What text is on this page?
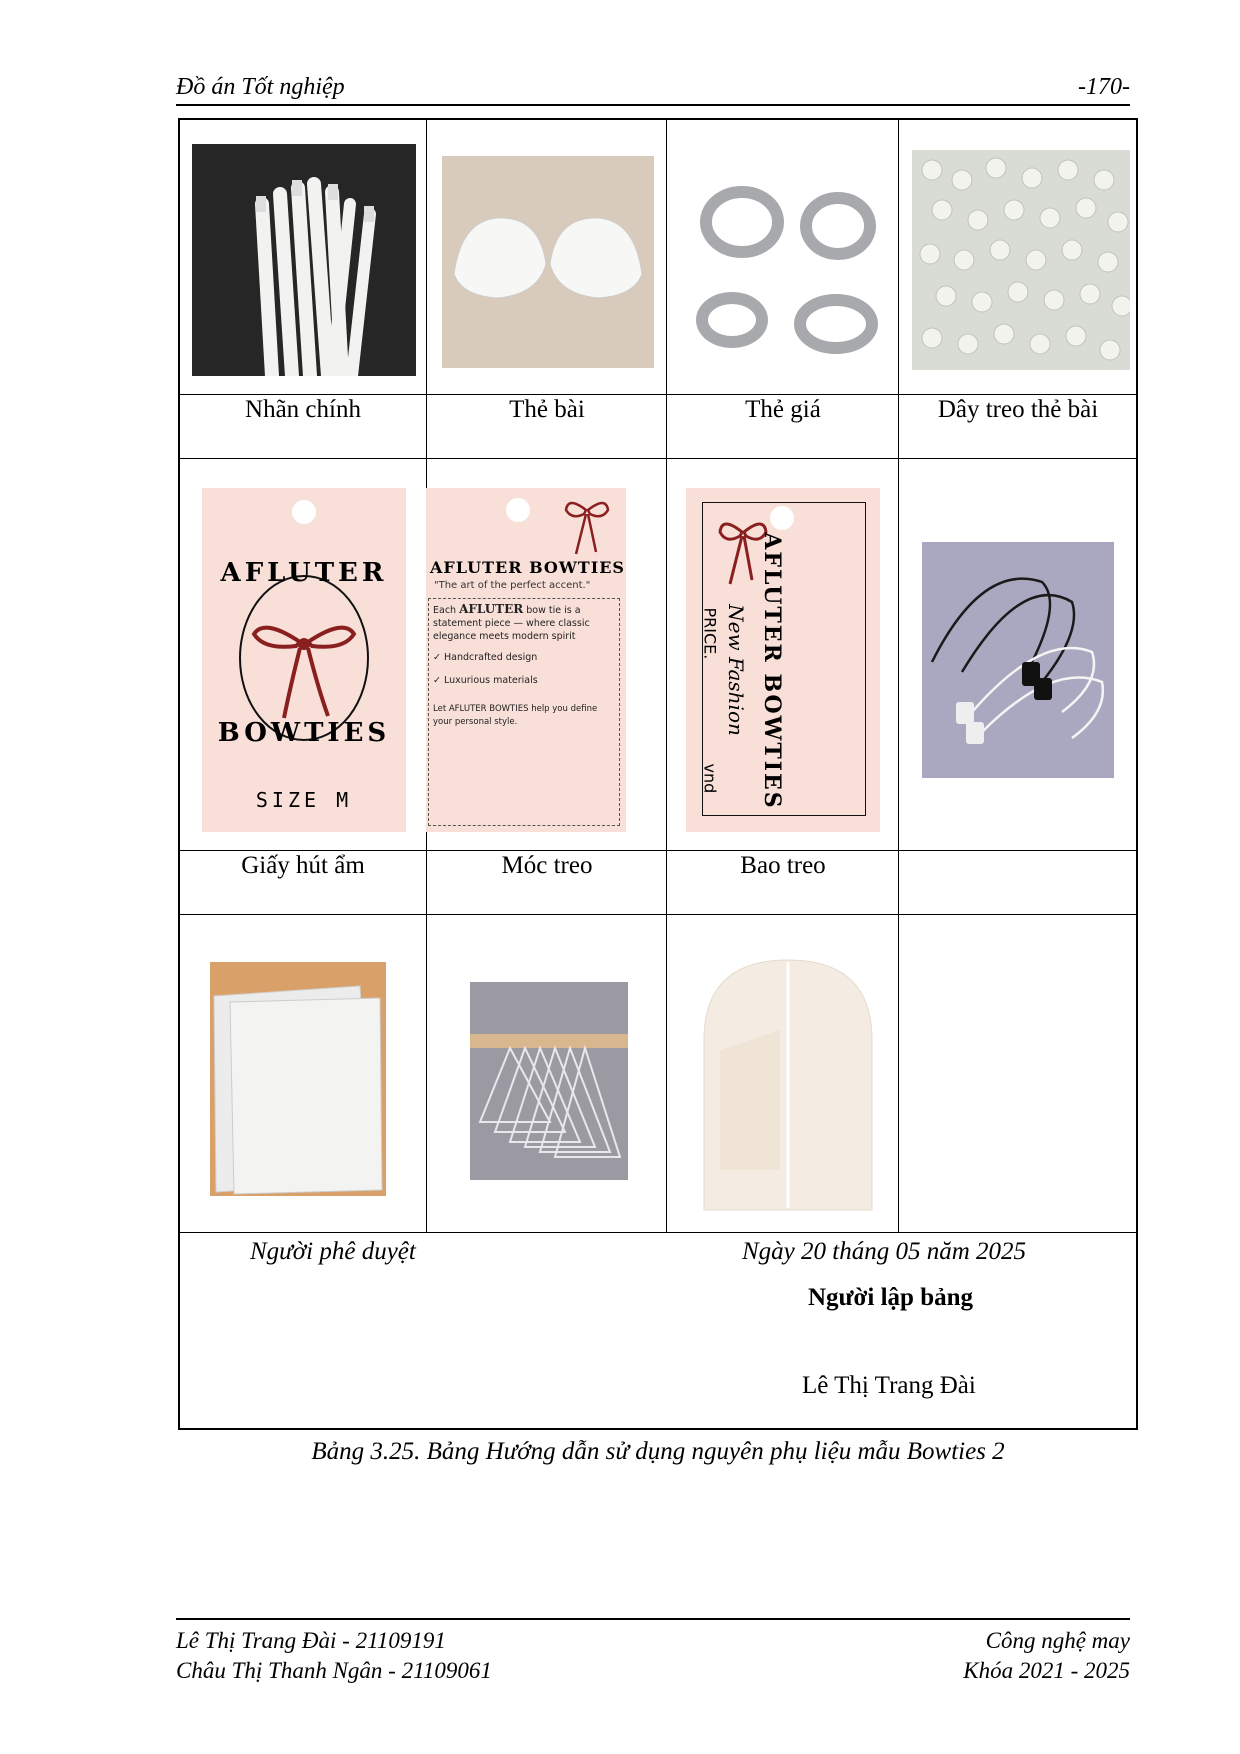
Đồ án Tốt nghiệp	-170-
Nhãn chính	Thẻ bài	Thẻ giá	Dây treo thẻ bài
AFLUTER
BOWTIES
SIZE M
AFLUTER BOWTIES
"The art of the perfect accent."
Each AFLUTER bow tie is a statement piece — where classic elegance meets modern spirit
✓ Handcrafted design
✓ Luxurious materials
Let AFLUTER BOWTIES help you define your personal style.	AFLUTER BOWTIES
New Fashion
PRICE.
vnd
Giấy hút ẩm	Móc treo	Bao treo
Người phê duyệt	Ngày 20 tháng 05 năm 2025
Người lập bảng
Lê Thị Trang Đài
Bảng 3.25. Bảng Hướng dẫn sử dụng nguyên phụ liệu mẫu Bowties 2
Lê Thị Trang Đài - 21109191
Châu Thị Thanh Ngân - 21109061
Công nghệ may
Khóa 2021 - 2025
